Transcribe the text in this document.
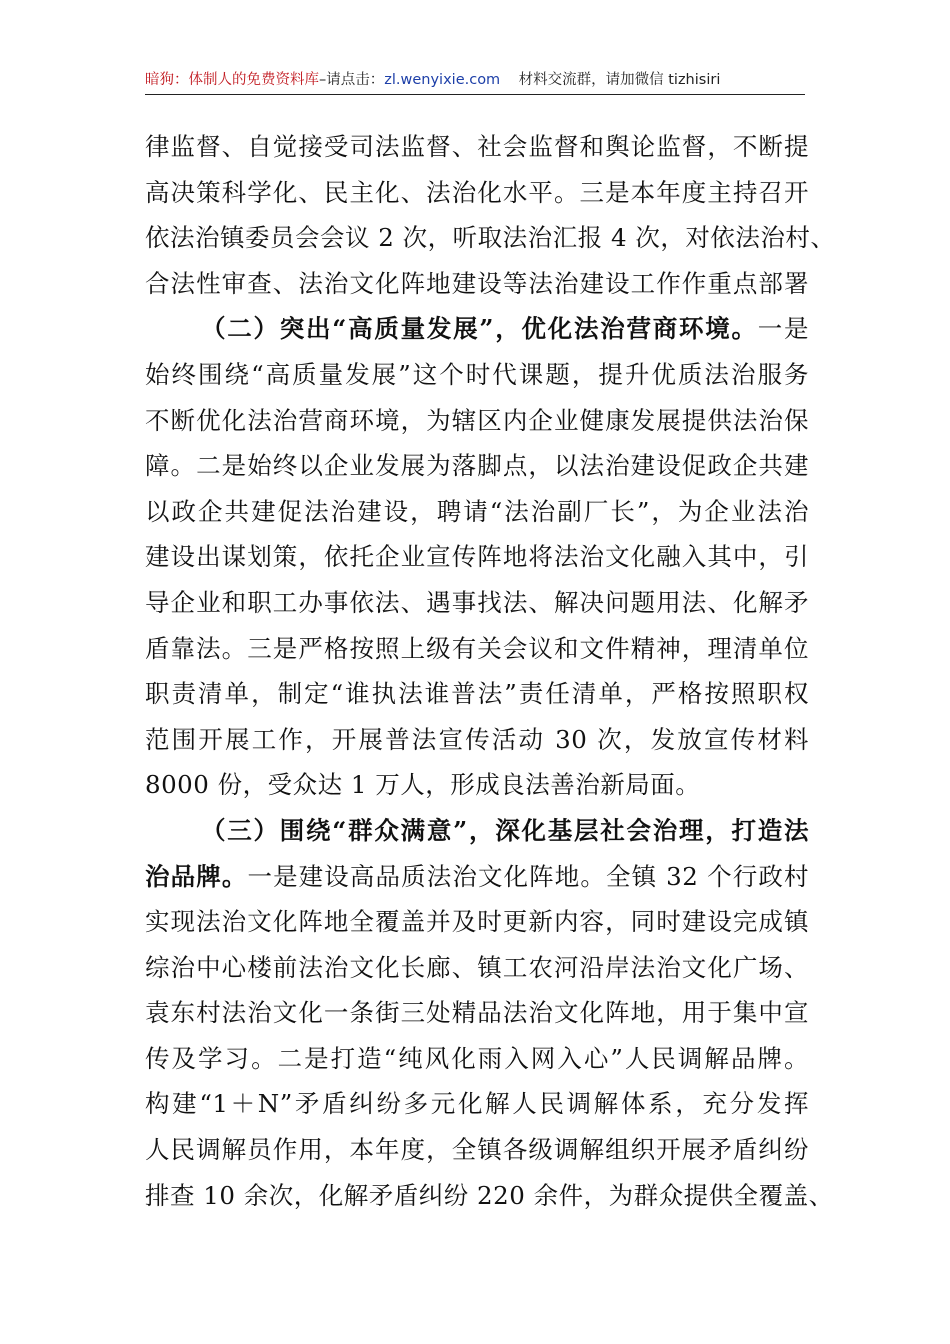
暗狗：体制人的免费资料库–请点击：zl.wenyixie.com 材料交流群，请加微信 tizhisiri
律监督、自觉接受司法监督、社会监督和舆论监督，不断提
高决策科学化、民主化、法治化水平。三是本年度主持召开
依法治镇委员会会议 2 次，听取法治汇报 4 次，对依法治村、
合法性审查、法治文化阵地建设等法治建设工作作重点部署
（二）突出“高质量发展”，优化法治营商环境。一是
始终围绕“高质量发展”这个时代课题，提升优质法治服务
不断优化法治营商环境，为辖区内企业健康发展提供法治保
障。二是始终以企业发展为落脚点，以法治建设促政企共建
以政企共建促法治建设，聘请“法治副厂长”，为企业法治
建设出谋划策，依托企业宣传阵地将法治文化融入其中，引
导企业和职工办事依法、遇事找法、解决问题用法、化解矛
盾靠法。三是严格按照上级有关会议和文件精神，理清单位
职责清单，制定“谁执法谁普法”责任清单，严格按照职权
范围开展工作，开展普法宣传活动 30 次，发放宣传材料
8000 份，受众达 1 万人，形成良法善治新局面。
（三）围绕“群众满意”，深化基层社会治理，打造法
治品牌。一是建设高品质法治文化阵地。全镇 32 个行政村
实现法治文化阵地全覆盖并及时更新内容，同时建设完成镇
综治中心楼前法治文化长廊、镇工农河沿岸法治文化广场、
袁东村法治文化一条街三处精品法治文化阵地，用于集中宣
传及学习。二是打造“纯风化雨入网入心”人民调解品牌。
构建“1＋N”矛盾纠纷多元化解人民调解体系，充分发挥
人民调解员作用，本年度，全镇各级调解组织开展矛盾纠纷
排查 10 余次，化解矛盾纠纷 220 余件，为群众提供全覆盖、
